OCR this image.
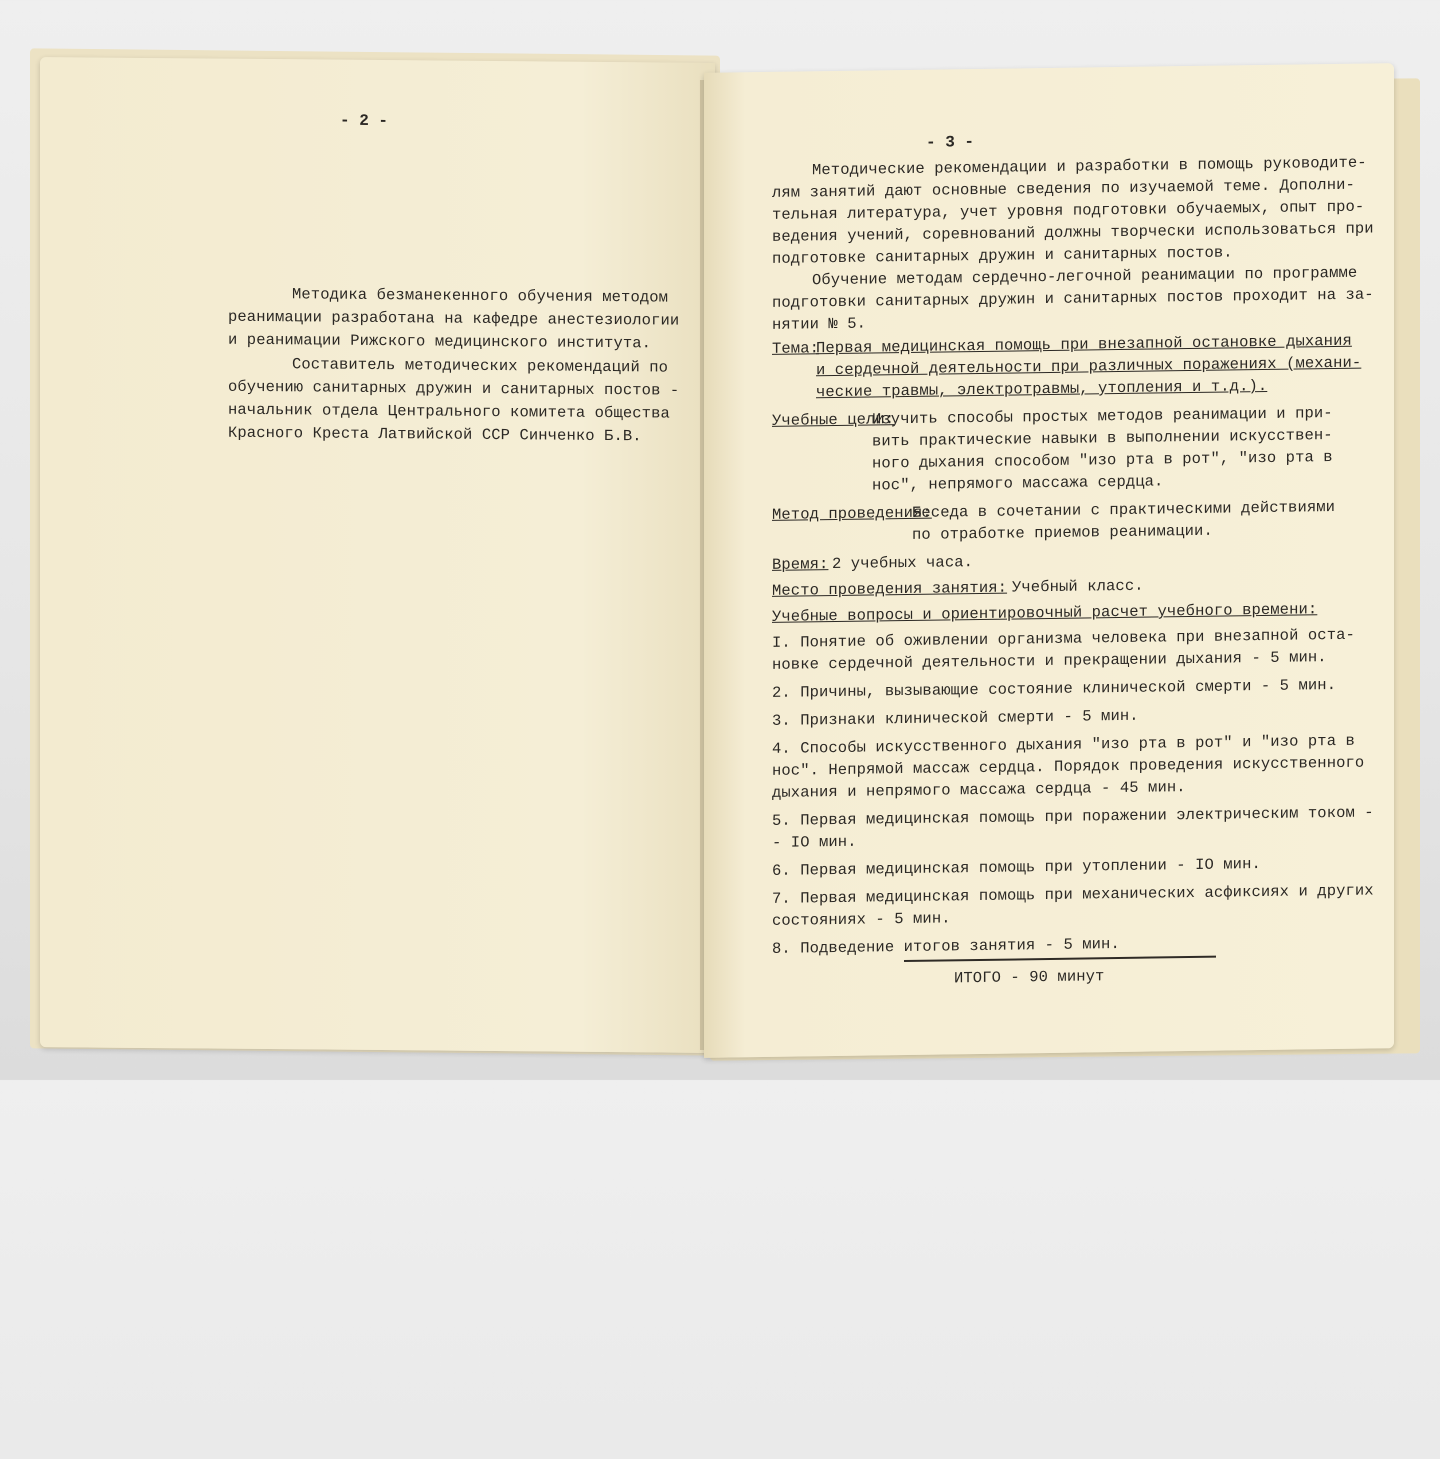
- 2 -

Методика безманекенного обучения методом

реанимации разработана на кафедре анестезиологии

и реанимации Рижского медицинского института.

Составитель методических рекомендаций по

обучению санитарных дружин и санитарных постов -

начальник отдела Центрального комитета общества

Красного Креста Латвийской ССР Синченко Б.В.

- 3 -

Методические рекомендации и разработки в помощь руководите-

лям занятий дают основные сведения по изучаемой теме. Дополни-

тельная литература, учет уровня подготовки обучаемых, опыт про-

ведения учений, соревнований должны творчески использоваться при

подготовке санитарных дружин и санитарных постов.

Обучение методам сердечно-легочной реанимации по программе

подготовки санитарных дружин и санитарных постов проходит на за-

нятии № 5.

Тема:

Первая медицинская помощь при внезапной остановке дыхания

и сердечной деятельности при различных поражениях (механи-

ческие травмы, электротравмы, утопления и т.д.).

Учебные цели:

Изучить способы простых методов реанимации и при-

вить практические навыки в выполнении искусствен-

ного дыхания способом "изо рта в рот", "изо рта в

нос", непрямого массажа сердца.

Метод проведения:

Беседа в сочетании с практическими действиями

по отработке приемов реанимации.

Время:

2 учебных часа.

Место проведения занятия:

Учебный класс.

Учебные вопросы и ориентировочный расчет учебного времени:

I. Понятие об оживлении организма человека при внезапной оста-

новке сердечной деятельности и прекращении дыхания - 5 мин.

2. Причины, вызывающие состояние клинической смерти - 5 мин.

3. Признаки клинической смерти - 5 мин.

4. Способы искусственного дыхания "изо рта в рот" и "изо рта в

нос". Непрямой массаж сердца. Порядок проведения искусственного

дыхания и непрямого массажа сердца - 45 мин.

5. Первая медицинская помощь при поражении электрическим током -

- IO мин.

6. Первая медицинская помощь при утоплении - IO мин.

7. Первая медицинская помощь при механических асфиксиях и других

состояниях - 5 мин.

8. Подведение итогов занятия - 5 мин.

ИТОГО - 90 минут
